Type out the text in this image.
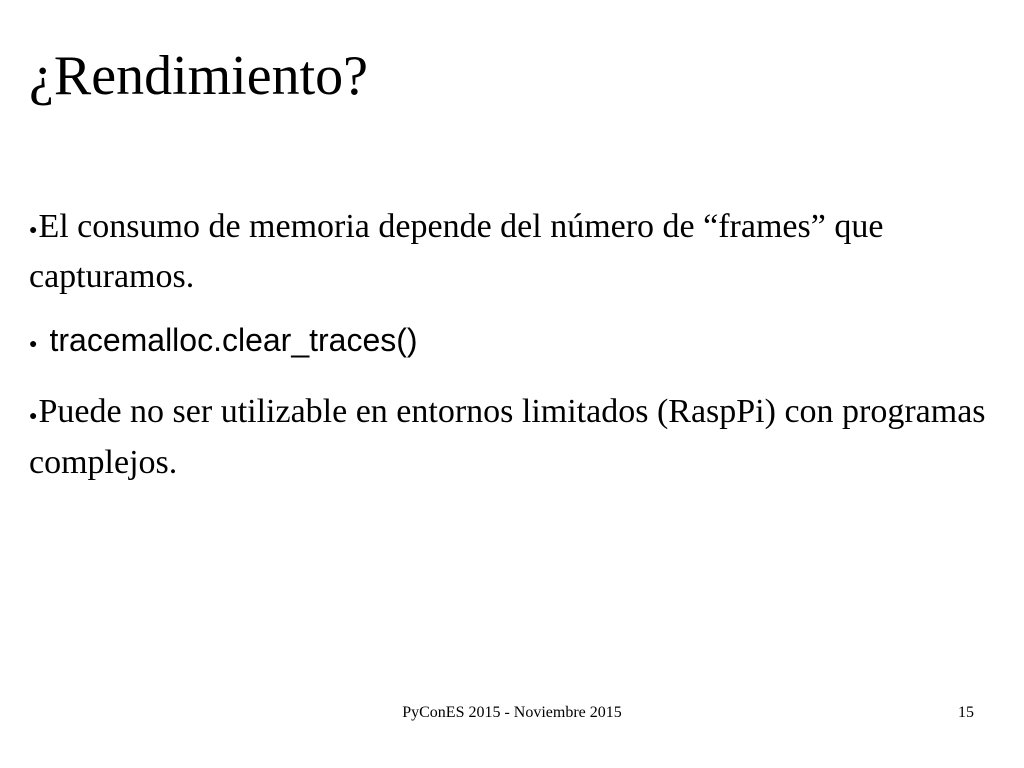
¿Rendimiento?
●El consumo de memoria depende del número de “frames” que capturamos.
● tracemalloc.clear_traces()
●Puede no ser utilizable en entornos limitados (RaspPi) con programas complejos.
PyConES 2015 - Noviembre 2015	15
